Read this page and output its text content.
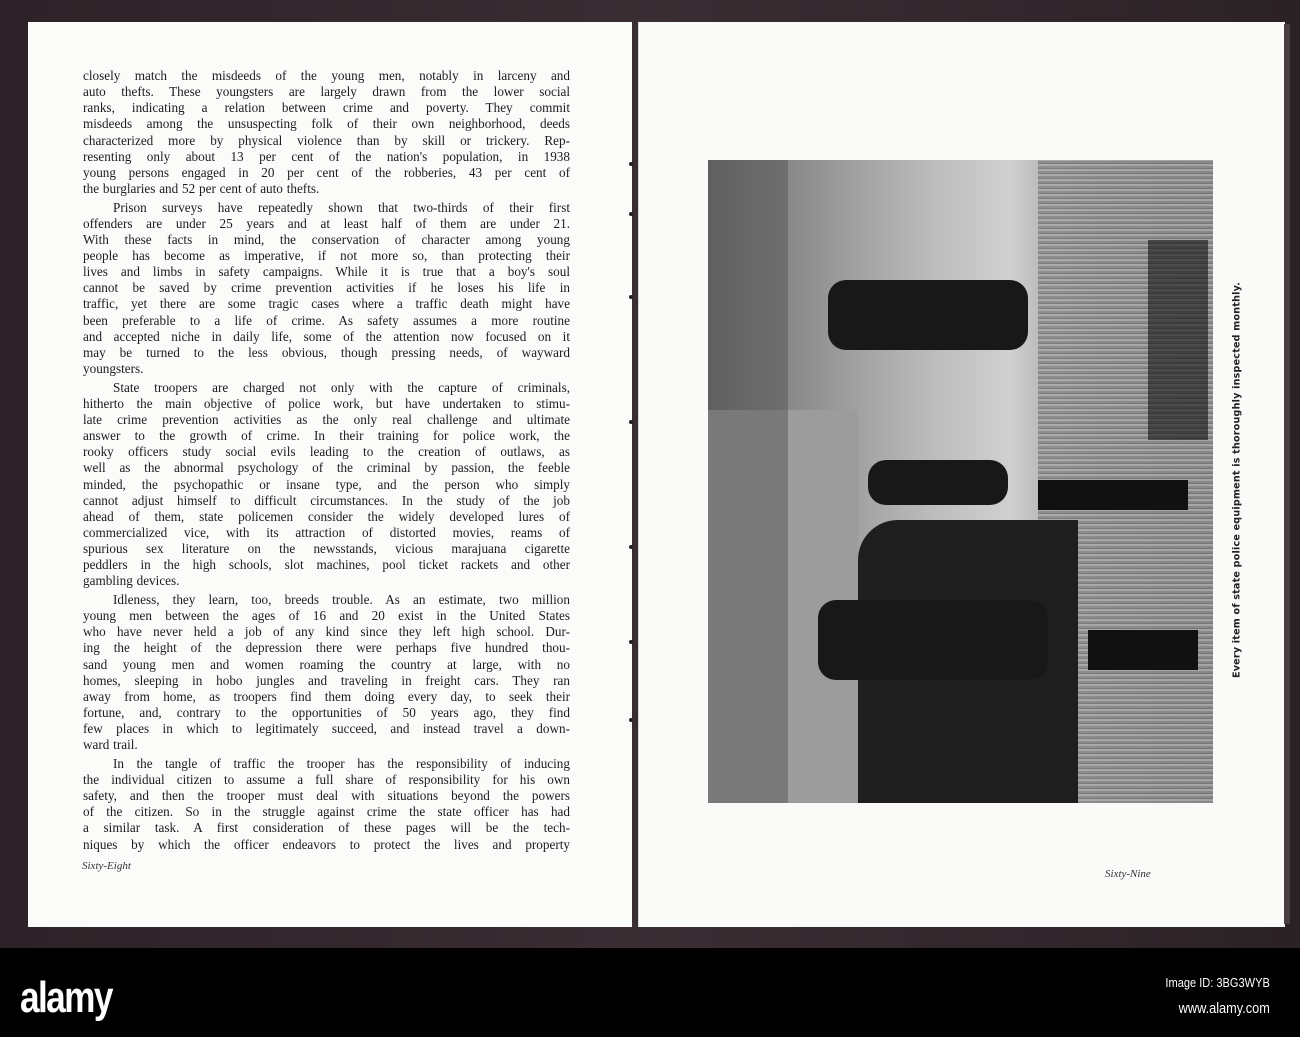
closely match the misdeeds of the young men, notably in larceny and
auto thefts. These youngsters are largely drawn from the lower social
ranks, indicating a relation between crime and poverty. They commit
misdeeds among the unsuspecting folk of their own neighborhood, deeds
characterized more by physical violence than by skill or trickery. Rep-
resenting only about 13 per cent of the nation's population, in 1938
young persons engaged in 20 per cent of the robberies, 43 per cent of
the burglaries and 52 per cent of auto thefts.
Prison surveys have repeatedly shown that two-thirds of their first
offenders are under 25 years and at least half of them are under 21.
With these facts in mind, the conservation of character among young
people has become as imperative, if not more so, than protecting their
lives and limbs in safety campaigns. While it is true that a boy's soul
cannot be saved by crime prevention activities if he loses his life in
traffic, yet there are some tragic cases where a traffic death might have
been preferable to a life of crime. As safety assumes a more routine
and accepted niche in daily life, some of the attention now focused on it
may be turned to the less obvious, though pressing needs, of wayward
youngsters.
State troopers are charged not only with the capture of criminals,
hitherto the main objective of police work, but have undertaken to stimu-
late crime prevention activities as the only real challenge and ultimate
answer to the growth of crime. In their training for police work, the
rooky officers study social evils leading to the creation of outlaws, as
well as the abnormal psychology of the criminal by passion, the feeble
minded, the psychopathic or insane type, and the person who simply
cannot adjust himself to difficult circumstances. In the study of the job
ahead of them, state policemen consider the widely developed lures of
commercialized vice, with its attraction of distorted movies, reams of
spurious sex literature on the newsstands, vicious marajuana cigarette
peddlers in the high schools, slot machines, pool ticket rackets and other
gambling devices.
Idleness, they learn, too, breeds trouble. As an estimate, two million
young men between the ages of 16 and 20 exist in the United States
who have never held a job of any kind since they left high school. Dur-
ing the height of the depression there were perhaps five hundred thou-
sand young men and women roaming the country at large, with no
homes, sleeping in hobo jungles and traveling in freight cars. They ran
away from home, as troopers find them doing every day, to seek their
fortune, and, contrary to the opportunities of 50 years ago, they find
few places in which to legitimately succeed, and instead travel a down-
ward trail.
In the tangle of traffic the trooper has the responsibility of inducing
the individual citizen to assume a full share of responsibility for his own
safety, and then the trooper must deal with situations beyond the powers
of the citizen. So in the struggle against crime the state officer has had
a similar task. A first consideration of these pages will be the tech-
niques by which the officer endeavors to protect the lives and property
Sixty-Eight
Every item of state police equipment is thoroughly inspected monthly.
Sixty-Nine
alamy	Image ID: 3BG3WYB
www.alamy.com
